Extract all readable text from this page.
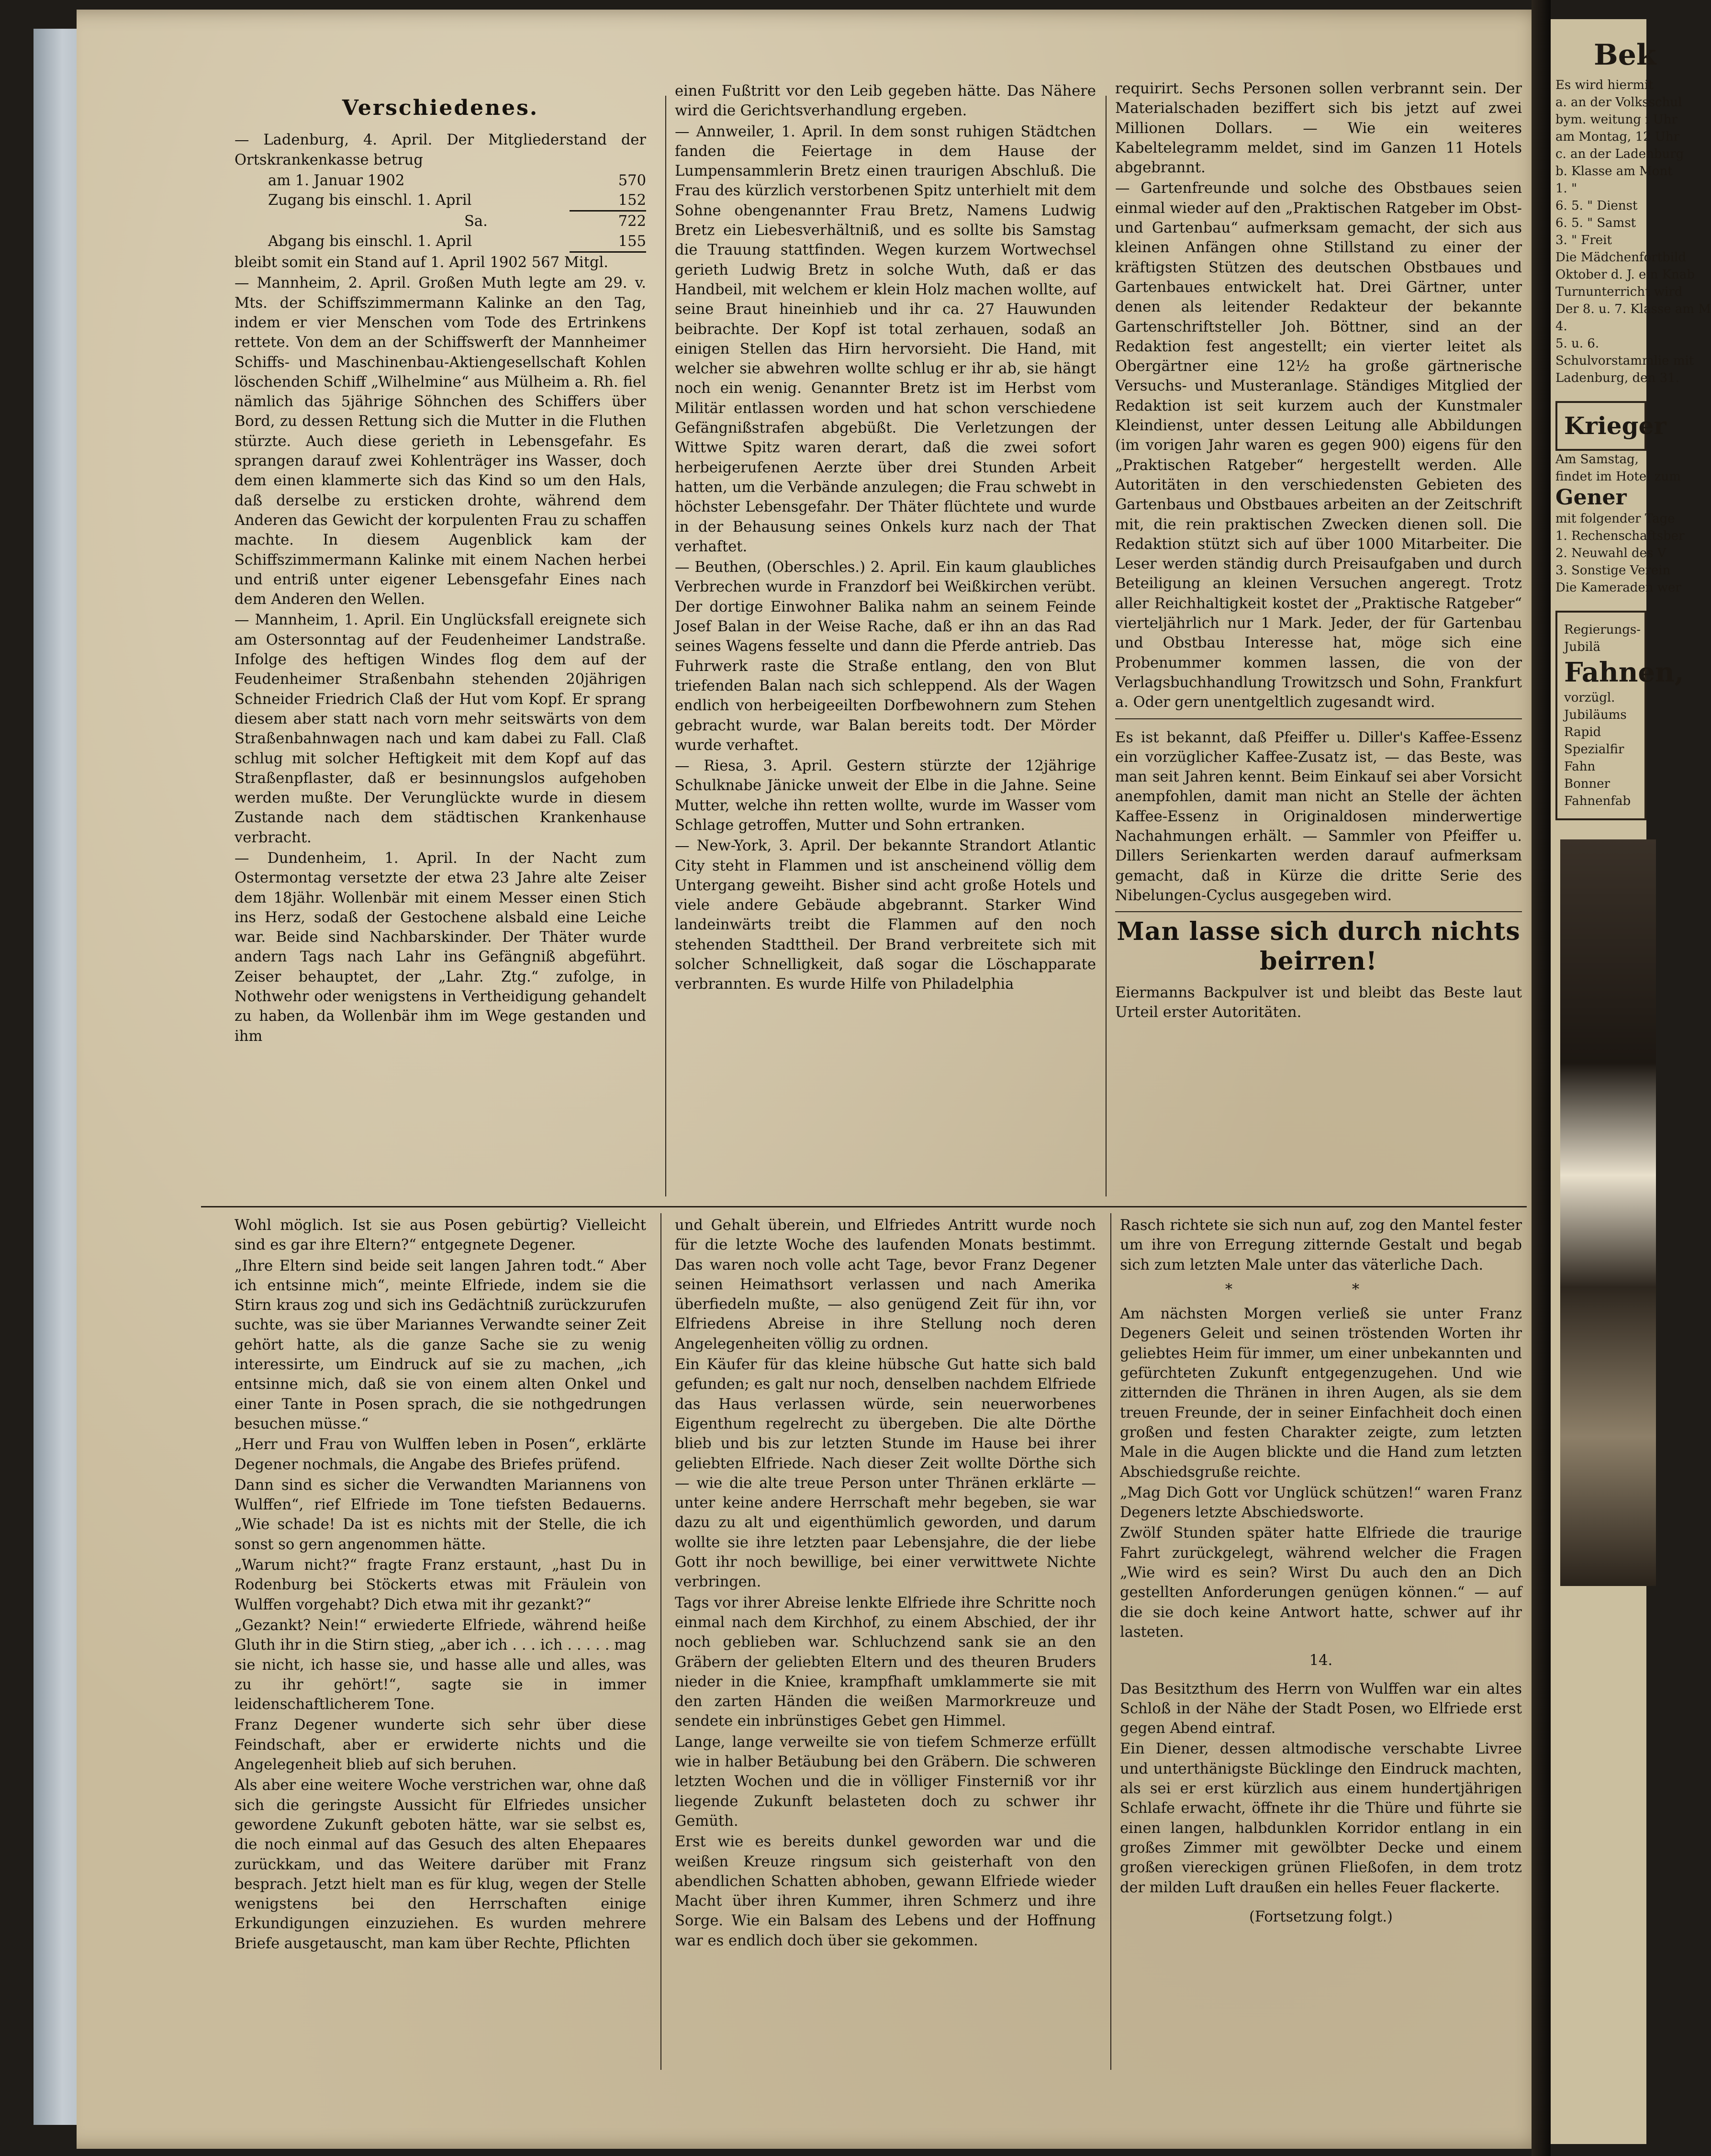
Verschiedenes.

— Ladenburg, 4. April. Der Mitgliederstand der Ortskrankenkasse betrug

am 1. Januar 1902	570
Zugang bis einschl. 1. April	152
Sa.	722
Abgang bis einschl. 1. April	155

bleibt somit ein Stand auf 1. April 1902 567 Mitgl.

— Mannheim, 2. April. Großen Muth legte am 29. v. Mts. der Schiffszimmermann Kalinke an den Tag, indem er vier Menschen vom Tode des Ertrinkens rettete. Von dem an der Schiffswerft der Mannheimer Schiffs- und Maschinenbau-Aktiengesellschaft Kohlen löschenden Schiff „Wilhelmine“ aus Mülheim a. Rh. fiel nämlich das 5jährige Söhnchen des Schiffers über Bord, zu dessen Rettung sich die Mutter in die Fluthen stürzte. Auch diese gerieth in Lebensgefahr. Es sprangen darauf zwei Kohlenträger ins Wasser, doch dem einen klammerte sich das Kind so um den Hals, daß derselbe zu ersticken drohte, während dem Anderen das Gewicht der korpulenten Frau zu schaffen machte. In diesem Augenblick kam der Schiffszimmermann Kalinke mit einem Nachen herbei und entriß unter eigener Lebensgefahr Eines nach dem Anderen den Wellen.

— Mannheim, 1. April. Ein Unglücksfall ereignete sich am Ostersonntag auf der Feudenheimer Landstraße. Infolge des heftigen Windes flog dem auf der Feudenheimer Straßenbahn stehenden 20jährigen Schneider Friedrich Claß der Hut vom Kopf. Er sprang diesem aber statt nach vorn mehr seitswärts von dem Straßenbahnwagen nach und kam dabei zu Fall. Claß schlug mit solcher Heftigkeit mit dem Kopf auf das Straßenpflaster, daß er besinnungslos aufgehoben werden mußte. Der Verunglückte wurde in diesem Zustande nach dem städtischen Krankenhause verbracht.

— Dundenheim, 1. April. In der Nacht zum Ostermontag versetzte der etwa 23 Jahre alte Zeiser dem 18jähr. Wollenbär mit einem Messer einen Stich ins Herz, sodaß der Gestochene alsbald eine Leiche war. Beide sind Nachbarskinder. Der Thäter wurde andern Tags nach Lahr ins Gefängniß abgeführt. Zeiser behauptet, der „Lahr. Ztg.“ zufolge, in Nothwehr oder wenigstens in Vertheidigung gehandelt zu haben, da Wollenbär ihm im Wege gestanden und ihm

einen Fußtritt vor den Leib gegeben hätte. Das Nähere wird die Gerichtsverhandlung ergeben.

— Annweiler, 1. April. In dem sonst ruhigen Städtchen fanden die Feiertage in dem Hause der Lumpensammlerin Bretz einen traurigen Abschluß. Die Frau des kürzlich verstorbenen Spitz unterhielt mit dem Sohne obengenannter Frau Bretz, Namens Ludwig Bretz ein Liebesverhältniß, und es sollte bis Samstag die Trauung stattfinden. Wegen kurzem Wortwechsel gerieth Ludwig Bretz in solche Wuth, daß er das Handbeil, mit welchem er klein Holz machen wollte, auf seine Braut hineinhieb und ihr ca. 27 Hauwunden beibrachte. Der Kopf ist total zerhauen, sodaß an einigen Stellen das Hirn hervorsieht. Die Hand, mit welcher sie abwehren wollte schlug er ihr ab, sie hängt noch ein wenig. Genannter Bretz ist im Herbst vom Militär entlassen worden und hat schon verschiedene Gefängnißstrafen abgebüßt. Die Verletzungen der Wittwe Spitz waren derart, daß die zwei sofort herbeigerufenen Aerzte über drei Stunden Arbeit hatten, um die Verbände anzulegen; die Frau schwebt in höchster Lebensgefahr. Der Thäter flüchtete und wurde in der Behausung seines Onkels kurz nach der That verhaftet.

— Beuthen, (Oberschles.) 2. April. Ein kaum glaubliches Verbrechen wurde in Franzdorf bei Weißkirchen verübt. Der dortige Einwohner Balika nahm an seinem Feinde Josef Balan in der Weise Rache, daß er ihn an das Rad seines Wagens fesselte und dann die Pferde antrieb. Das Fuhrwerk raste die Straße entlang, den von Blut triefenden Balan nach sich schleppend. Als der Wagen endlich von herbeigeeilten Dorfbewohnern zum Stehen gebracht wurde, war Balan bereits todt. Der Mörder wurde verhaftet.

— Riesa, 3. April. Gestern stürzte der 12jährige Schulknabe Jänicke unweit der Elbe in die Jahne. Seine Mutter, welche ihn retten wollte, wurde im Wasser vom Schlage getroffen, Mutter und Sohn ertranken.

— New-York, 3. April. Der bekannte Strandort Atlantic City steht in Flammen und ist anscheinend völlig dem Untergang geweiht. Bisher sind acht große Hotels und viele andere Gebäude abgebrannt. Starker Wind landeinwärts treibt die Flammen auf den noch stehenden Stadttheil. Der Brand verbreitete sich mit solcher Schnelligkeit, daß sogar die Löschapparate verbrannten. Es wurde Hilfe von Philadelphia

requirirt. Sechs Personen sollen verbrannt sein. Der Materialschaden beziffert sich bis jetzt auf zwei Millionen Dollars. — Wie ein weiteres Kabeltelegramm meldet, sind im Ganzen 11 Hotels abgebrannt.

— Gartenfreunde und solche des Obstbaues seien einmal wieder auf den „Praktischen Ratgeber im Obst- und Gartenbau“ aufmerksam gemacht, der sich aus kleinen Anfängen ohne Stillstand zu einer der kräftigsten Stützen des deutschen Obstbaues und Gartenbaues entwickelt hat. Drei Gärtner, unter denen als leitender Redakteur der bekannte Gartenschriftsteller Joh. Böttner, sind an der Redaktion fest angestellt; ein vierter leitet als Obergärtner eine 12½ ha große gärtnerische Versuchs- und Musteranlage. Ständiges Mitglied der Redaktion ist seit kurzem auch der Kunstmaler Kleindienst, unter dessen Leitung alle Abbildungen (im vorigen Jahr waren es gegen 900) eigens für den „Praktischen Ratgeber“ hergestellt werden. Alle Autoritäten in den verschiedensten Gebieten des Gartenbaus und Obstbaues arbeiten an der Zeitschrift mit, die rein praktischen Zwecken dienen soll. Die Redaktion stützt sich auf über 1000 Mitarbeiter. Die Leser werden ständig durch Preisaufgaben und durch Beteiligung an kleinen Versuchen angeregt. Trotz aller Reichhaltigkeit kostet der „Praktische Ratgeber“ vierteljährlich nur 1 Mark. Jeder, der für Gartenbau und Obstbau Interesse hat, möge sich eine Probenummer kommen lassen, die von der Verlagsbuchhandlung Trowitzsch und Sohn, Frankfurt a. Oder gern unentgeltlich zugesandt wird.

Es ist bekannt, daß Pfeiffer u. Diller's Kaffee-Essenz ein vorzüglicher Kaffee-Zusatz ist, — das Beste, was man seit Jahren kennt. Beim Einkauf sei aber Vorsicht anempfohlen, damit man nicht an Stelle der ächten Kaffee-Essenz in Originaldosen minderwertige Nachahmungen erhält. — Sammler von Pfeiffer u. Dillers Serienkarten werden darauf aufmerksam gemacht, daß in Kürze die dritte Serie des Nibelungen-Cyclus ausgegeben wird.

Man lasse sich durch nichts beirren!

Eiermanns Backpulver ist und bleibt das Beste laut Urteil erster Autoritäten.

Wohl möglich. Ist sie aus Posen gebürtig? Vielleicht sind es gar ihre Eltern?“ entgegnete Degener.

„Ihre Eltern sind beide seit langen Jahren todt.“ Aber ich entsinne mich“, meinte Elfriede, indem sie die Stirn kraus zog und sich ins Gedächtniß zurückzurufen suchte, was sie über Mariannes Verwandte seiner Zeit gehört hatte, als die ganze Sache sie zu wenig interessirte, um Eindruck auf sie zu machen, „ich entsinne mich, daß sie von einem alten Onkel und einer Tante in Posen sprach, die sie nothgedrungen besuchen müsse.“

„Herr und Frau von Wulffen leben in Posen“, erklärte Degener nochmals, die Angabe des Briefes prüfend.

Dann sind es sicher die Verwandten Mariannens von Wulffen“, rief Elfriede im Tone tiefsten Bedauerns. „Wie schade! Da ist es nichts mit der Stelle, die ich sonst so gern angenommen hätte.

„Warum nicht?“ fragte Franz erstaunt, „hast Du in Rodenburg bei Stöckerts etwas mit Fräulein von Wulffen vorgehabt? Dich etwa mit ihr gezankt?“

„Gezankt? Nein!“ erwiederte Elfriede, während heiße Gluth ihr in die Stirn stieg, „aber ich . . . ich . . . . . mag sie nicht, ich hasse sie, und hasse alle und alles, was zu ihr gehört!“, sagte sie in immer leidenschaftlicherem Tone.

Franz Degener wunderte sich sehr über diese Feindschaft, aber er erwiderte nichts und die Angelegenheit blieb auf sich beruhen.

Als aber eine weitere Woche verstrichen war, ohne daß sich die geringste Aussicht für Elfriedes unsicher gewordene Zukunft geboten hätte, war sie selbst es, die noch einmal auf das Gesuch des alten Ehepaares zurückkam, und das Weitere darüber mit Franz besprach. Jetzt hielt man es für klug, wegen der Stelle wenigstens bei den Herrschaften einige Erkundigungen einzuziehen. Es wurden mehrere Briefe ausgetauscht, man kam über Rechte, Pflichten

und Gehalt überein, und Elfriedes Antritt wurde noch für die letzte Woche des laufenden Monats bestimmt. Das waren noch volle acht Tage, bevor Franz Degener seinen Heimathsort verlassen und nach Amerika überfiedeln mußte, — also genügend Zeit für ihn, vor Elfriedens Abreise in ihre Stellung noch deren Angelegenheiten völlig zu ordnen.

Ein Käufer für das kleine hübsche Gut hatte sich bald gefunden; es galt nur noch, denselben nachdem Elfriede das Haus verlassen würde, sein neuerworbenes Eigenthum regelrecht zu übergeben. Die alte Dörthe blieb und bis zur letzten Stunde im Hause bei ihrer geliebten Elfriede. Nach dieser Zeit wollte Dörthe sich — wie die alte treue Person unter Thränen erklärte — unter keine andere Herrschaft mehr begeben, sie war dazu zu alt und eigenthümlich geworden, und darum wollte sie ihre letzten paar Lebensjahre, die der liebe Gott ihr noch bewillige, bei einer verwittwete Nichte verbringen.

Tags vor ihrer Abreise lenkte Elfriede ihre Schritte noch einmal nach dem Kirchhof, zu einem Abschied, der ihr noch geblieben war. Schluchzend sank sie an den Gräbern der geliebten Eltern und des theuren Bruders nieder in die Kniee, krampfhaft umklammerte sie mit den zarten Händen die weißen Marmorkreuze und sendete ein inbrünstiges Gebet gen Himmel.

Lange, lange verweilte sie von tiefem Schmerze erfüllt wie in halber Betäubung bei den Gräbern. Die schweren letzten Wochen und die in völliger Finsterniß vor ihr liegende Zukunft belasteten doch zu schwer ihr Gemüth.

Erst wie es bereits dunkel geworden war und die weißen Kreuze ringsum sich geisterhaft von den abendlichen Schatten abhoben, gewann Elfriede wieder Macht über ihren Kummer, ihren Schmerz und ihre Sorge. Wie ein Balsam des Lebens und der Hoffnung war es endlich doch über sie gekommen.

Rasch richtete sie sich nun auf, zog den Mantel fester um ihre von Erregung zitternde Gestalt und begab sich zum letzten Male unter das väterliche Dach.

* *

Am nächsten Morgen verließ sie unter Franz Degeners Geleit und seinen tröstenden Worten ihr geliebtes Heim für immer, um einer unbekannten und gefürchteten Zukunft entgegenzugehen. Und wie zitternden die Thränen in ihren Augen, als sie dem treuen Freunde, der in seiner Einfachheit doch einen großen und festen Charakter zeigte, zum letzten Male in die Augen blickte und die Hand zum letzten Abschiedsgruße reichte.

„Mag Dich Gott vor Unglück schützen!“ waren Franz Degeners letzte Abschiedsworte.

Zwölf Stunden später hatte Elfriede die traurige Fahrt zurückgelegt, während welcher die Fragen „Wie wird es sein? Wirst Du auch den an Dich gestellten Anforderungen genügen können.“ — auf die sie doch keine Antwort hatte, schwer auf ihr lasteten.

14.

Das Besitzthum des Herrn von Wulffen war ein altes Schloß in der Nähe der Stadt Posen, wo Elfriede erst gegen Abend eintraf.

Ein Diener, dessen altmodische verschabte Livree und unterthänigste Bücklinge den Eindruck machten, als sei er erst kürzlich aus einem hundertjährigen Schlafe erwacht, öffnete ihr die Thüre und führte sie einen langen, halbdunklen Korridor entlang in ein großes Zimmer mit gewölbter Decke und einem großen viereckigen grünen Fließofen, in dem trotz der milden Luft draußen ein helles Feuer flackerte.

(Fortsetzung folgt.)
Bek
Es wird hiermit
a. an der Volksschul
bym. weitung i Uhr
am Montag, 12 Uhr
c. an der Ladenburg
b. Klasse am Mont
1. "
6. 5. " Dienst
6. 5. " Samst
3. " Freit
Die Mädchenfortbild
Oktober d. J. ein Knab
Turnunterricht wird
Der 8. u. 7. Klasse am M
4.
5. u. 6.
Schulvorstammlie mit
Ladenburg, den 31.
Krieger
Am Samstag,
findet im Hotel zum
Gener
mit folgender Tage
1. Rechenschaftsber
2. Neuwahl des V
3. Sonstige Verein
Die Kameraden wer
Regierungs-Jubilä
Fahnen,
vorzügl.
Jubiläums Rapid
Spezialfir Fahn
Bonner Fahnenfab
